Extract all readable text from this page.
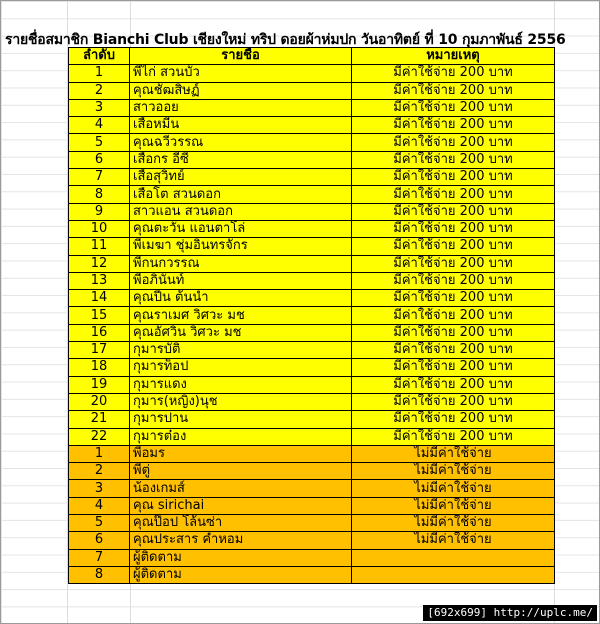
รายชื่อสมาชิก Bianchi Club เชียงใหม่ ทริป ดอยผ้าห่มปก วันอาทิตย์ ที่ 10 กุมภาพันธ์ 2556
ลำดับ	รายชื่อ	หมายเหตุ
1	พี่ไก่ สวนบัว	มีค่าใช้จ่าย 200 บาท
2	คุณชัฒสิษฏ์	มีค่าใช้จ่าย 200 บาท
3	สาวออย	มีค่าใช้จ่าย 200 บาท
4	เสือหมีน	มีค่าใช้จ่าย 200 บาท
5	คุณฉวีวรรณ	มีค่าใช้จ่าย 200 บาท
6	เสือกร อีซี่	มีค่าใช้จ่าย 200 บาท
7	เสือสุวิทย์	มีค่าใช้จ่าย 200 บาท
8	เสือโต สวนดอก	มีค่าใช้จ่าย 200 บาท
9	สาวแอน สวนดอก	มีค่าใช้จ่าย 200 บาท
10	คุณตะวัน แอนตาโล่	มีค่าใช้จ่าย 200 บาท
11	พี่เมฆา ชุ่มอินทรจักร	มีค่าใช้จ่าย 200 บาท
12	พี่กนกวรรณ	มีค่าใช้จ่าย 200 บาท
13	พี่อภินันท์	มีค่าใช้จ่าย 200 บาท
14	คุณปีน ต้นน้ำ	มีค่าใช้จ่าย 200 บาท
15	คุณราเมศ วิศวะ มช	มีค่าใช้จ่าย 200 บาท
16	คุณอัศวิน วิศวะ มช	มีค่าใช้จ่าย 200 บาท
17	กุมารบัติ	มีค่าใช้จ่าย 200 บาท
18	กุมารท็อป	มีค่าใช้จ่าย 200 บาท
19	กุมารแดง	มีค่าใช้จ่าย 200 บาท
20	กุมาร(หญิง)นุช	มีค่าใช้จ่าย 200 บาท
21	กุมารปาน	มีค่าใช้จ่าย 200 บาท
22	กุมารต๋อง	มีค่าใช้จ่าย 200 บาท
1	พี่อมร	ไม่มีค่าใช้จ่าย
2	พี่ตู่	ไม่มีค่าใช้จ่าย
3	น้องเกมส์	ไม่มีค่าใช้จ่าย
4	คุณ sirichai	ไม่มีค่าใช้จ่าย
5	คุณป๊อป โล้นซ่า	ไม่มีค่าใช้จ่าย
6	คุณประสาร คำหอม	ไม่มีค่าใช้จ่าย
7	ผู้ติดตาม	
8	ผู้ติดตาม	
[692x699] http://uplc.me/
